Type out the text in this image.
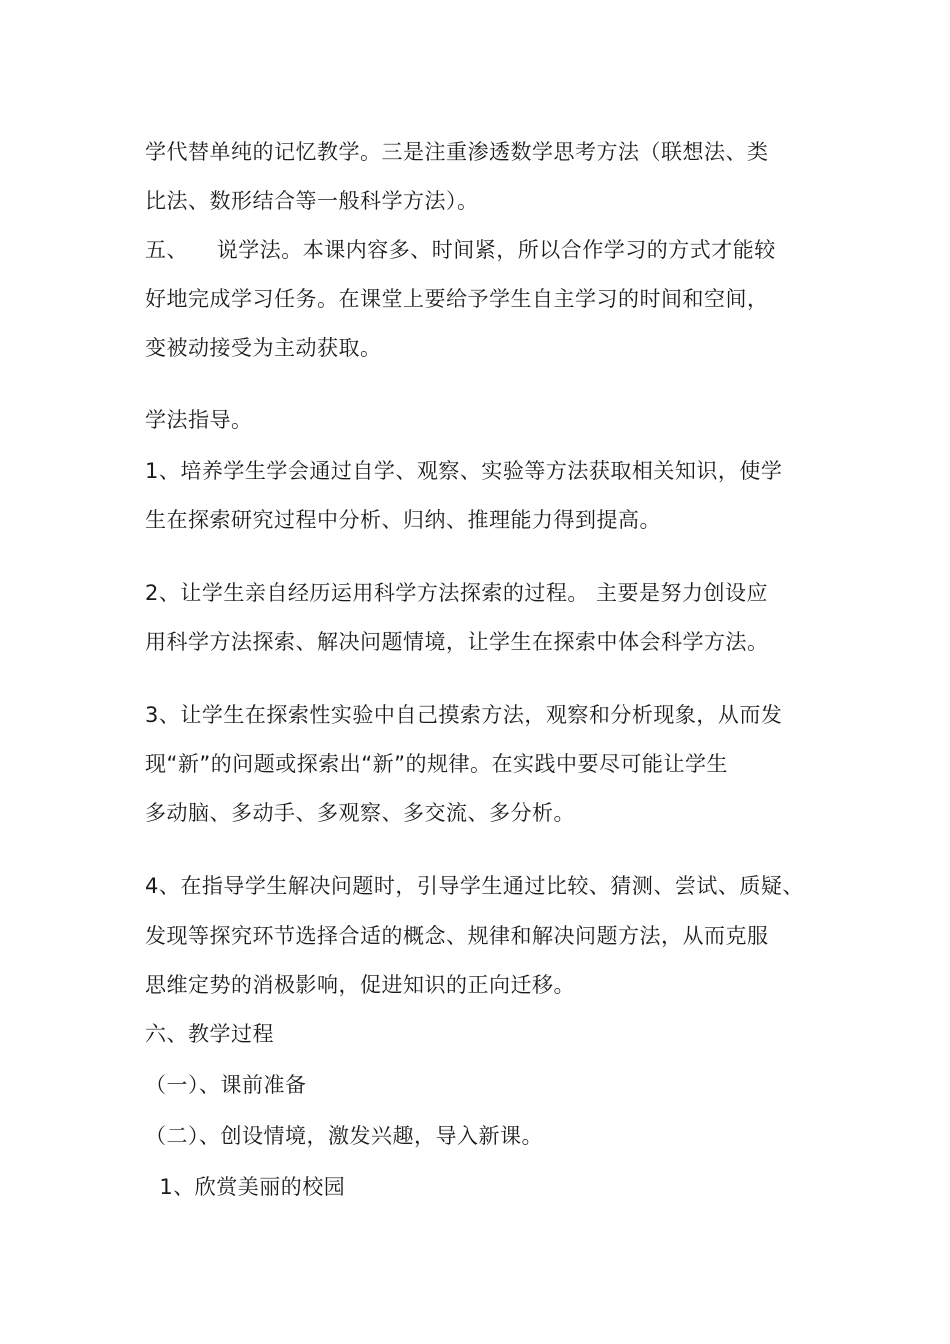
学代替单纯的记忆教学。三是注重渗透数学思考方法（联想法、类
比法、数形结合等一般科学方法）。
五、    说学法。本课内容多、时间紧，所以合作学习的方式才能较
好地完成学习任务。在课堂上要给予学生自主学习的时间和空间，
变被动接受为主动获取。
学法指导。
1、培养学生学会通过自学、观察、实验等方法获取相关知识，使学
生在探索研究过程中分析、归纳、推理能力得到提高。
2、让学生亲自经历运用科学方法探索的过程。 主要是努力创设应
用科学方法探索、解决问题情境，让学生在探索中体会科学方法。
3、让学生在探索性实验中自己摸索方法，观察和分析现象，从而发
现“新”的问题或探索出“新”的规律。在实践中要尽可能让学生
多动脑、多动手、多观察、多交流、多分析。
4、在指导学生解决问题时，引导学生通过比较、猜测、尝试、质疑、
发现等探究环节选择合适的概念、规律和解决问题方法，从而克服
思维定势的消极影响，促进知识的正向迁移。
六、教学过程
（一）、课前准备
（二）、创设情境，激发兴趣，导入新课。
1、欣赏美丽的校园
